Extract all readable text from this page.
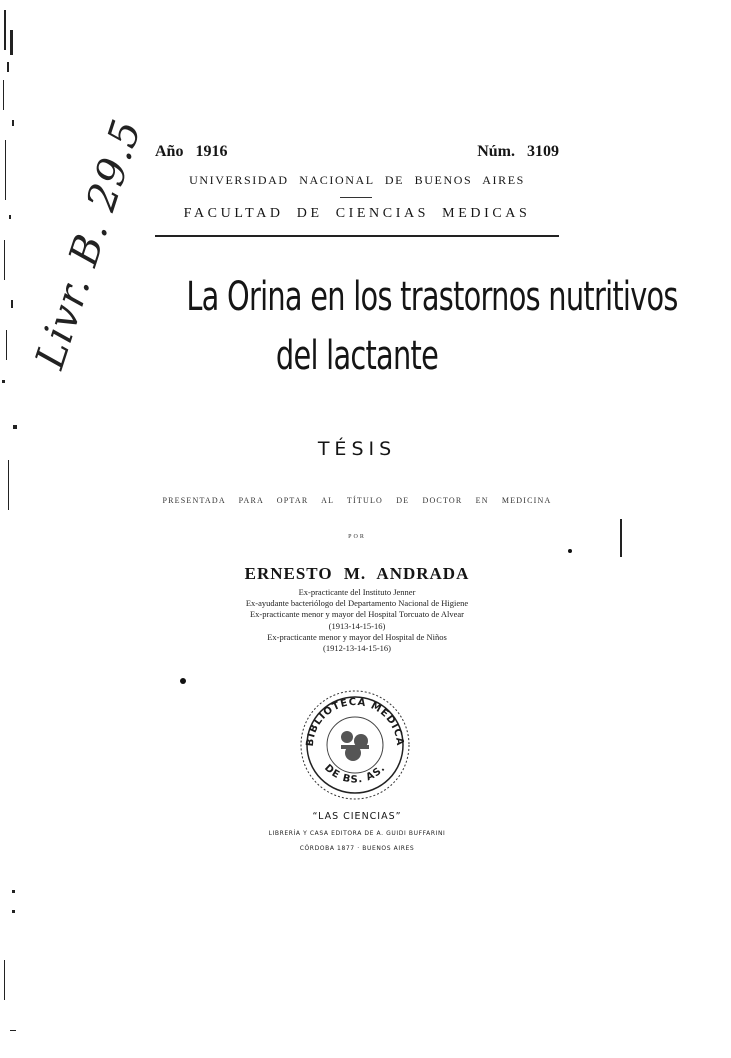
Livr. B. 29.5 Año 1916	Núm. 3109
UNIVERSIDAD NACIONAL DE BUENOS AIRES
FACULTAD DE CIENCIAS MEDICAS
La Orina en los trastornos nutritivos
del lactante
TÉSIS
PRESENTADA PARA OPTAR AL TÍTULO DE DOCTOR EN MEDICINA
POR
ERNESTO M. ANDRADA
Ex-practicante del Instituto Jenner
Ex-ayudante bacteriólogo del Departamento Nacional de Higiene
Ex-practicante menor y mayor del Hospital Torcuato de Alvear
(1913-14-15-16)
Ex-practicante menor y mayor del Hospital de Niños
(1912-13-14-15-16)
BIBLIOTECA MEDICA
DE BS. AS.
“LAS CIENCIAS”
LIBRERÍA Y CASA EDITORA DE A. GUIDI BUFFARINI
CÓRDOBA 1877 · BUENOS AIRES
